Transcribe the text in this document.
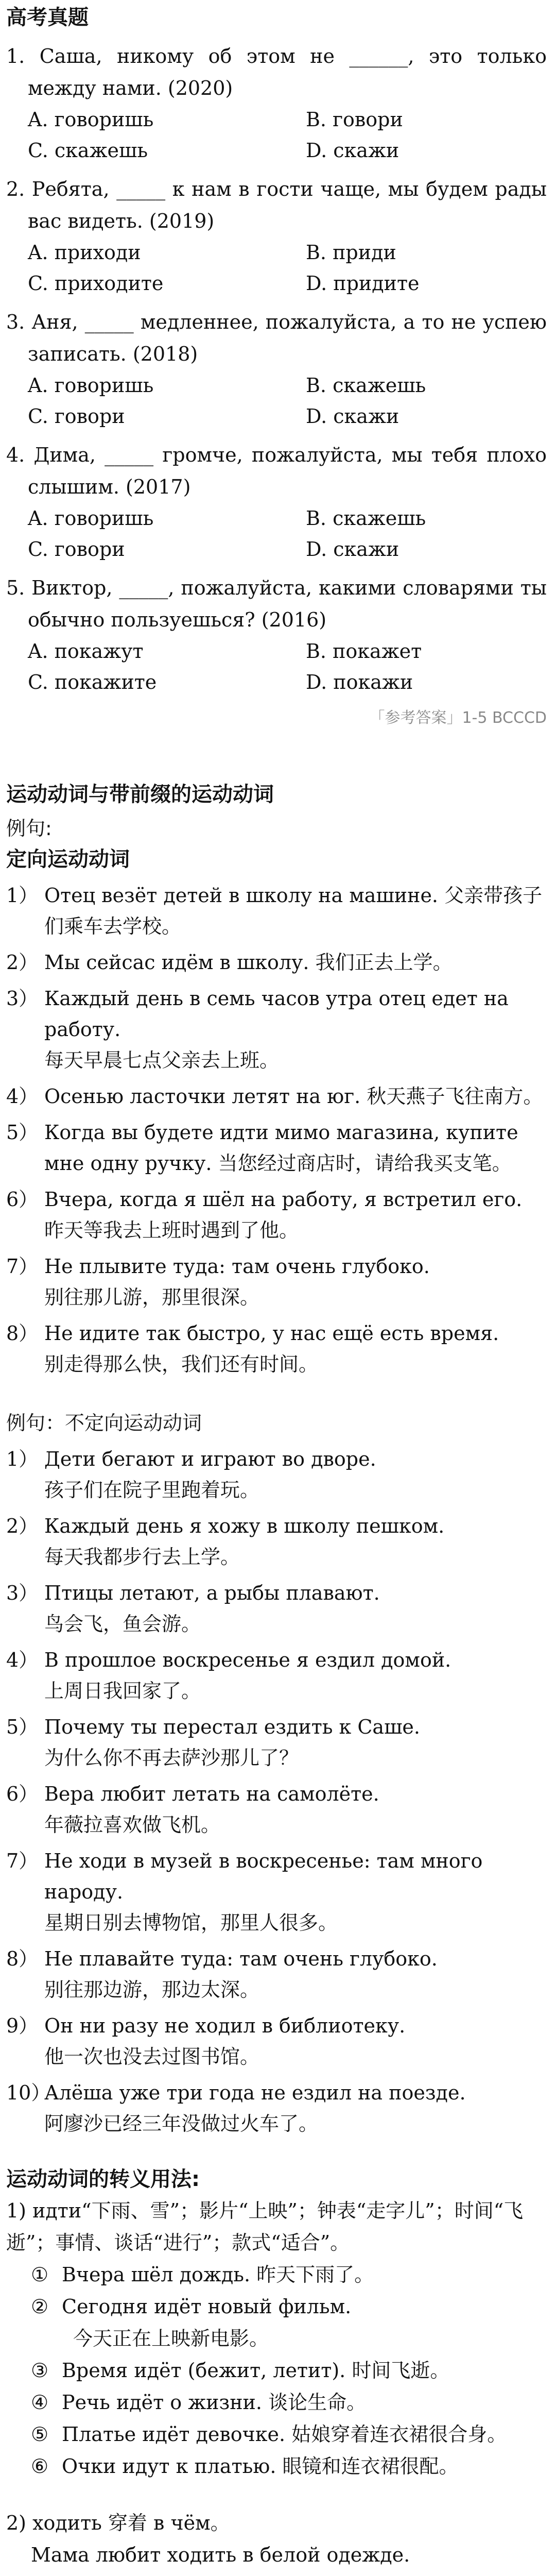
高考真题
1. Саша, никому об этом не ______, это только между нами. (2020)
A. говоришь	B. говори
C. скажешь	D. скажи
2. Ребята, _____ к нам в гости чаще, мы будем рады вас видеть. (2019)
A. приходи	B. приди
C. приходите	D. придите
3. Аня, _____ медленнее, пожалуйста, а то не успею записать. (2018)
A. говоришь	B. скажешь
C. говори	D. скажи
4. Дима, _____ громче, пожалуйста, мы тебя плохо слышим. (2017)
A. говоришь	B. скажешь
C. говори	D. скажи
5. Виктор, _____, пожалуйста, какими словарями ты обычно пользуешься? (2016)
A. покажут	B. покажет
C. покажите	D. покажи
「参考答案」1-5 BCCCD
运动动词与带前缀的运动动词
例句:
定向运动动词
1） Отец везёт детей в школу на машине. 父亲带孩子们乘车去学校。
2） Мы сейсас идём в школу. 我们正去上学。
3） Каждый день в семь часов утра отец едет на работу.
每天早晨七点父亲去上班。
4） Осенью ласточки летят на юг. 秋天燕子飞往南方。
5） Когда вы будете идти мимо магазина, купите мне одну ручку. 当您经过商店时，请给我买支笔。
6） Вчера, когда я шёл на работу, я встретил его.
昨天等我去上班时遇到了他。
7） Не плывите туда: там очень глубоко.
别往那儿游，那里很深。
8） Не идите так быстро, у нас ещё есть время.
别走得那么快，我们还有时间。
例句：不定向运动动词
1） Дети бегают и играют во дворе.
孩子们在院子里跑着玩。
2） Каждый день я хожу в школу пешком.
每天我都步行去上学。
3） Птицы летают, а рыбы плавают.
鸟会飞，鱼会游。
4） В прошлое воскресенье я ездил домой.
上周日我回家了。
5） Почему ты перестал ездить к Саше.
为什么你不再去萨沙那儿了？
6） Вера любит летать на самолёте.
年薇拉喜欢做飞机。
7） Не ходи в музей в воскресенье: там много народу.
星期日别去博物馆，那里人很多。
8） Не плавайте туда: там очень глубоко.
别往那边游，那边太深。
9） Он ни разу не ходил в библиотеку.
他一次也没去过图书馆。
10）Алёша уже три года не ездил на поезде.
阿廖沙已经三年没做过火车了。
运动动词的转义用法:
1) идти“下雨、雪”；影片“上映”；钟表“走字儿”；时间“飞逝”；事情、谈话“进行”；款式“适合”。
① Вчера шёл дождь. 昨天下雨了。
② Сегодня идёт новый фильм.
今天正在上映新电影。
③ Время идёт (бежит, летит). 时间飞逝。
④ Речь идёт о жизни. 谈论生命。
⑤ Платье идёт девочке. 姑娘穿着连衣裙很合身。
⑥ Очки идут к платью. 眼镜和连衣裙很配。
2) ходить 穿着 в чём。
Мама любит ходить в белой одежде.
